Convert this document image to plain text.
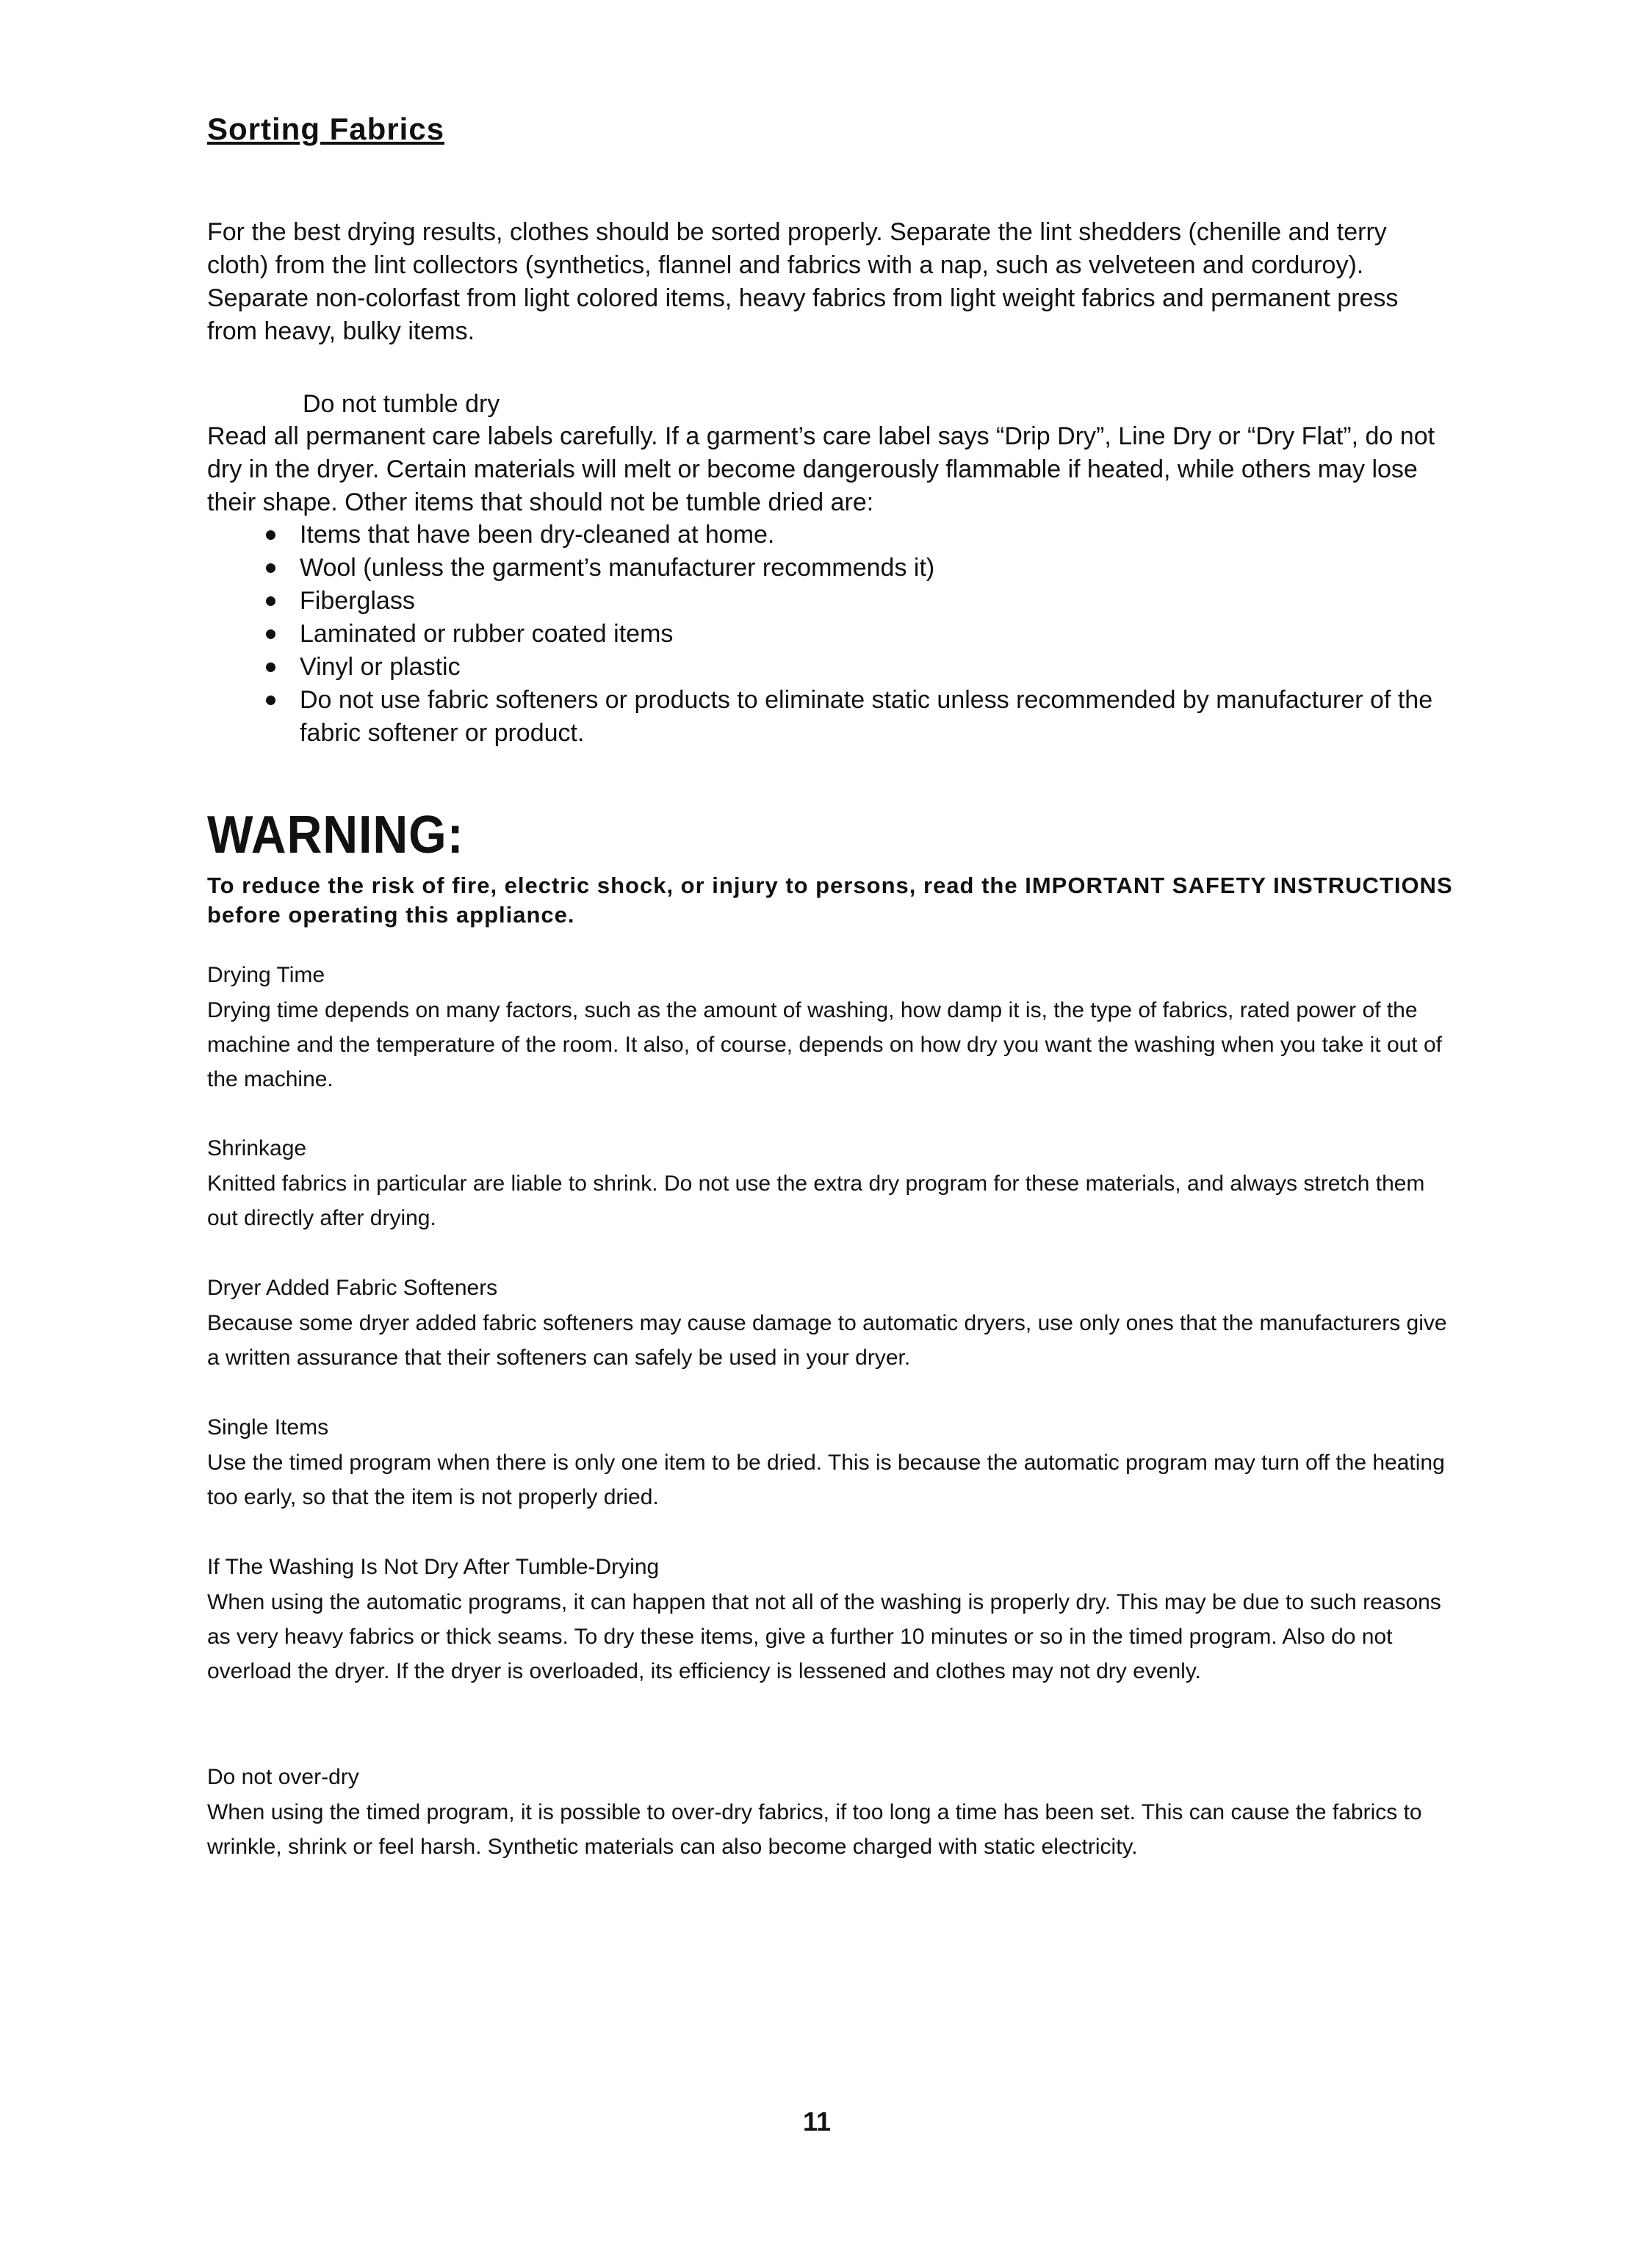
Sorting Fabrics

For the best drying results, clothes should be sorted properly. Separate the lint shedders (chenille and terry cloth) from the lint collectors (synthetics, flannel and fabrics with a nap, such as velveteen and corduroy). Separate non-colorfast from light colored items, heavy fabrics from light weight fabrics and permanent press from heavy, bulky items.

Do not tumble dry

Read all permanent care labels carefully. If a garment’s care label says “Drip Dry”, Line Dry or “Dry Flat”, do not dry in the dryer. Certain materials will melt or become dangerously flammable if heated, while others may lose their shape. Other items that should not be tumble dried are:

Items that have been dry-cleaned at home.
Wool (unless the garment’s manufacturer recommends it)
Fiberglass
Laminated or rubber coated items
Vinyl or plastic
Do not use fabric softeners or products to eliminate static unless recommended by manufacturer of the fabric softener or product.
WARNING:

To reduce the risk of fire, electric shock, or injury to persons, read the IMPORTANT SAFETY INSTRUCTIONS before operating this appliance.

Drying Time

Drying time depends on many factors, such as the amount of washing, how damp it is, the type of fabrics, rated power of the machine and the temperature of the room. It also, of course, depends on how dry you want the washing when you take it out of the machine.

Shrinkage

Knitted fabrics in particular are liable to shrink. Do not use the extra dry program for these materials, and always stretch them out directly after drying.

Dryer Added Fabric Softeners

Because some dryer added fabric softeners may cause damage to automatic dryers, use only ones that the manufacturers give a written assurance that their softeners can safely be used in your dryer.

Single Items

Use the timed program when there is only one item to be dried. This is because the automatic program may turn off the heating too early, so that the item is not properly dried.

If The Washing Is Not Dry After Tumble-Drying

When using the automatic programs, it can happen that not all of the washing is properly dry. This may be due to such reasons as very heavy fabrics or thick seams. To dry these items, give a further 10 minutes or so in the timed program. Also do not overload the dryer. If the dryer is overloaded, its efficiency is lessened and clothes may not dry evenly.

Do not over-dry

When using the timed program, it is possible to over-dry fabrics, if too long a time has been set. This can cause the fabrics to wrinkle, shrink or feel harsh. Synthetic materials can also become charged with static electricity.

11
